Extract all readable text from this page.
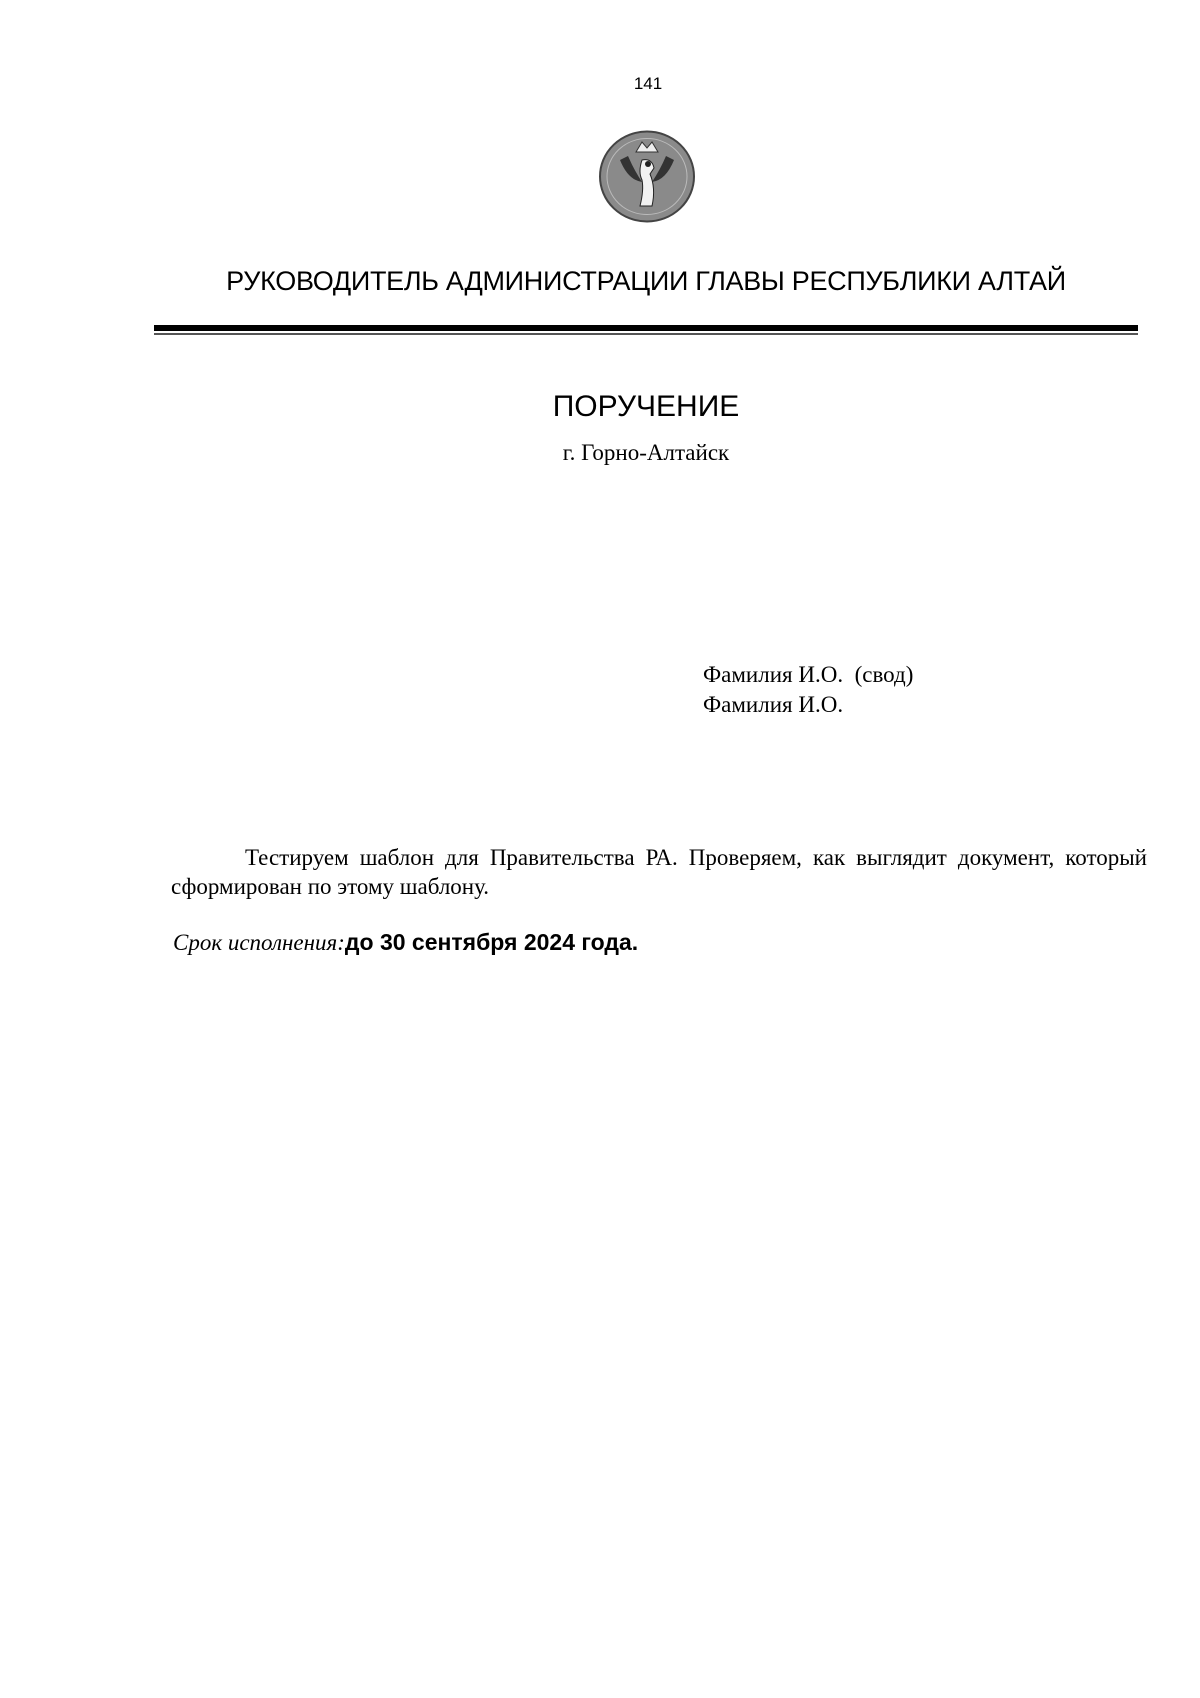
141
РУКОВОДИТЕЛЬ АДМИНИСТРАЦИИ ГЛАВЫ РЕСПУБЛИКИ АЛТАЙ
ПОРУЧЕНИЕ
г. Горно-Алтайск
Фамилия И.О.  (свод)
Фамилия И.О.
Тестируем шаблон для Правительства РА. Проверяем, как выглядит документ, который сформирован по этому шаблону.
Срок исполнения:до 30 сентября 2024 года.
